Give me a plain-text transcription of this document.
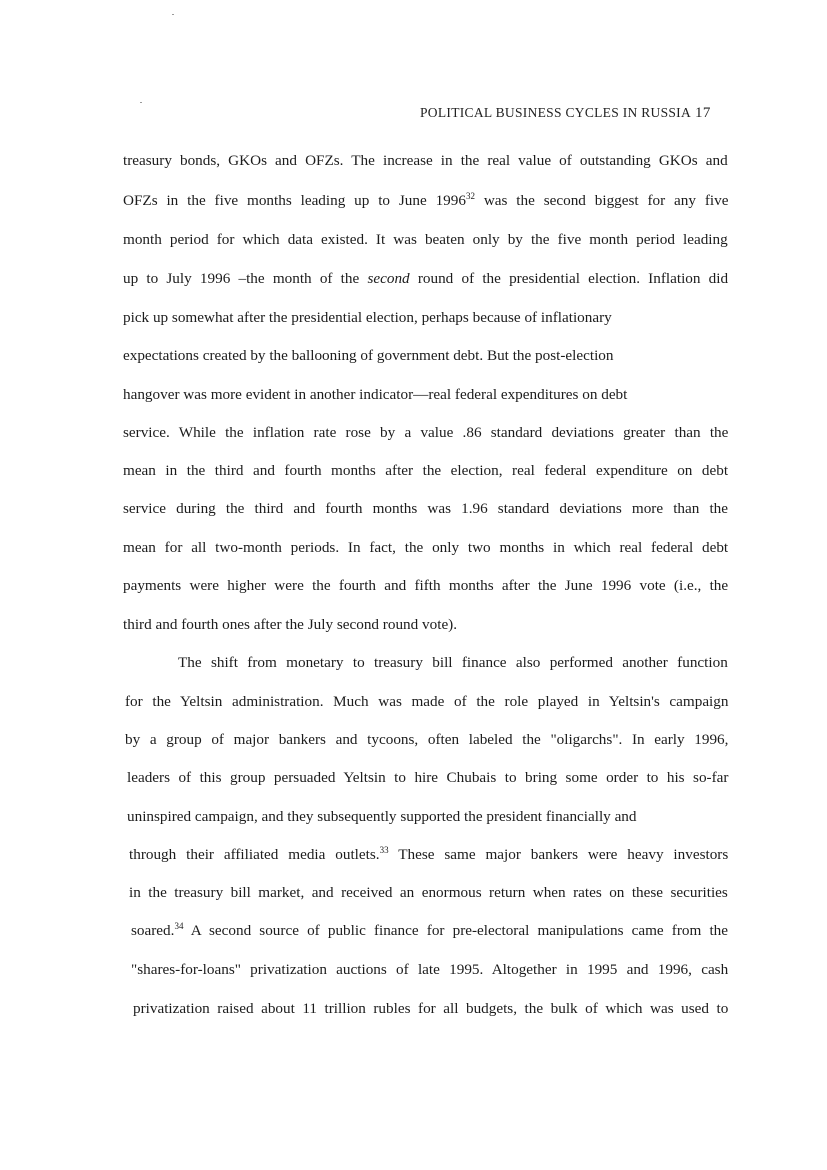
POLITICAL BUSINESS CYCLES IN RUSSIA 17
treasury bonds, GKOs and OFZs. The increase in the real value of outstanding GKOs and
OFZs in the five months leading up to June 1996$^{32}$ was the second biggest for any five
month period for which data existed. It was beaten only by the five month period leading
up to July 1996 –the month of the second round of the presidential election. Inflation did
pick up somewhat after the presidential election, perhaps because of inflationary
expectations created by the ballooning of government debt. But the post-election
hangover was more evident in another indicator—real federal expenditures on debt
service. While the inflation rate rose by a value .86 standard deviations greater than the
mean in the third and fourth months after the election, real federal expenditure on debt
service during the third and fourth months was 1.96 standard deviations more than the
mean for all two-month periods. In fact, the only two months in which real federal debt
payments were higher were the fourth and fifth months after the June 1996 vote (i.e., the
third and fourth ones after the July second round vote).
The shift from monetary to treasury bill finance also performed another function
for the Yeltsin administration. Much was made of the role played in Yeltsin's campaign
by a group of major bankers and tycoons, often labeled the "oligarchs". In early 1996,
leaders of this group persuaded Yeltsin to hire Chubais to bring some order to his so-far
uninspired campaign, and they subsequently supported the president financially and
through their affiliated media outlets.$^{33}$ These same major bankers were heavy investors
in the treasury bill market, and received an enormous return when rates on these securities
soared.$^{34}$ A second source of public finance for pre-electoral manipulations came from the
"shares-for-loans" privatization auctions of late 1995. Altogether in 1995 and 1996, cash
privatization raised about 11 trillion rubles for all budgets, the bulk of which was used to
